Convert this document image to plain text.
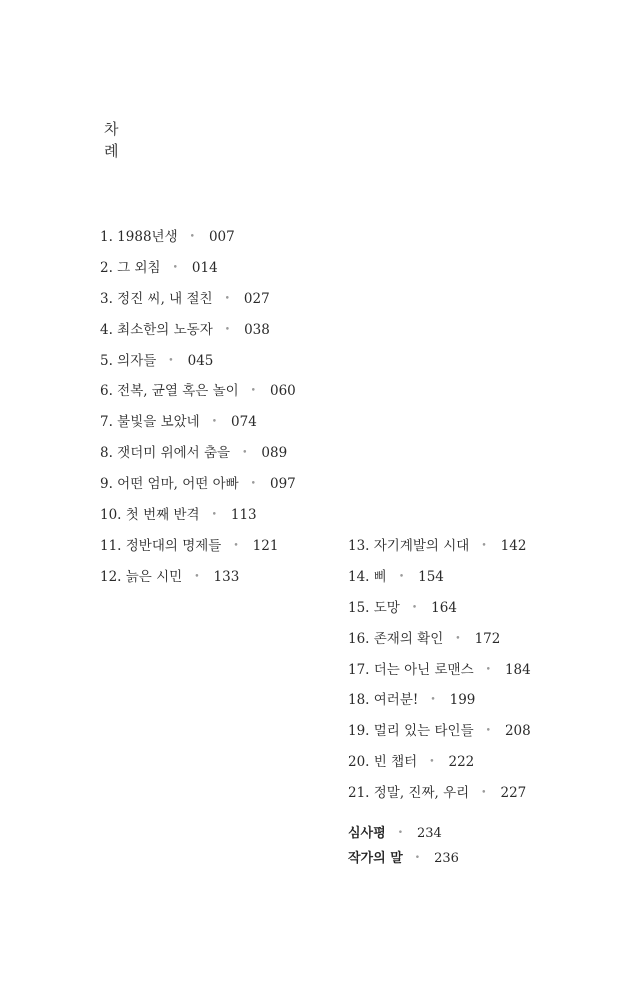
차
례
1. 1988년생 • 007
2. 그 외침 • 014
3. 정진 씨, 내 절친 • 027
4. 최소한의 노동자 • 038
5. 의자들 • 045
6. 전복, 균열 혹은 놀이 • 060
7. 불빛을 보았네 • 074
8. 잿더미 위에서 춤을 • 089
9. 어떤 엄마, 어떤 아빠 • 097
10. 첫 번째 반격 • 113
11. 정반대의 명제들 • 121
12. 늙은 시민 • 133
13. 자기계발의 시대 • 142
14. 삐 • 154
15. 도망 • 164
16. 존재의 확인 • 172
17. 더는 아닌 로맨스 • 184
18. 여러분! • 199
19. 멀리 있는 타인들 • 208
20. 빈 챕터 • 222
21. 정말, 진짜, 우리 • 227
심사평 • 234
작가의 말 • 236
